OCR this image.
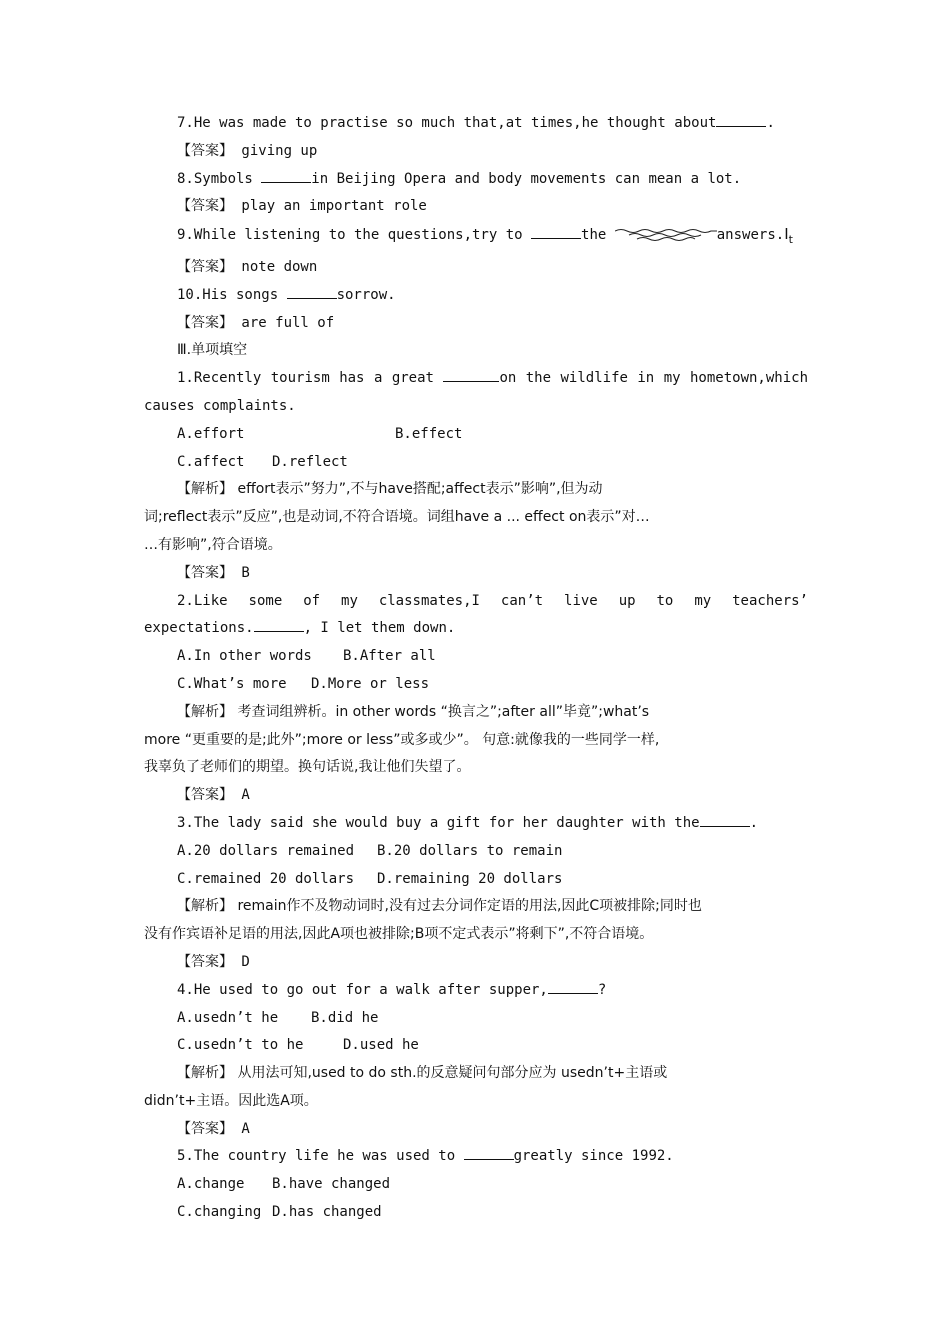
7.He was made to practise so much that,at times,he thought about	.
【答案】 giving up
8.Symbols	in Beijing Opera and body movements can mean a lot.
【答案】 play an important role
9.While listening to the questions,try to	the	$answers.I_t$
【答案】 note down
10.His songs	sorrow.
【答案】 are full of
Ⅲ.单项填空
1.Recently tourism has a great	on the wildlife in my hometown,which
causes complaints.
A.effort	B.effect
C.affect D.reflect
【解析】 effort表示”努力”,不与have搭配;affect表示”影响”,但为动
词;reflect表示”反应”,也是动词,不符合语境。词组have a ... effect on表示”对…
…有影响”,符合语境。
【答案】 B
2.Like some of my classmates,I can’t live up to my teachers’
expectations.	, I let them down.
A.In other words B.After all
C.What’s more D.More or less
【解析】 考查词组辨析。in other words “换言之”;after all”毕竟”;what’s
more “更重要的是;此外”;more or less”或多或少”。 句意:就像我的一些同学一样,
我辜负了老师们的期望。换句话说,我让他们失望了。
【答案】 A
3.The lady said she would buy a gift for her daughter with the	.
A.20 dollars remained B.20 dollars to remain
C.remained 20 dollars D.remaining 20 dollars
【解析】 remain作不及物动词时,没有过去分词作定语的用法,因此C项被排除;同时也
没有作宾语补足语的用法,因此A项也被排除;B项不定式表示”将剩下”,不符合语境。
【答案】 D
4.He used to go out for a walk after supper,	?
A.usedn’t he B.did he
C.usedn’t to he	D.used he
【解析】 从用法可知,used to do sth.的反意疑问句部分应为 usedn’t+主语或
didn’t+主语。因此选A项。
【答案】 A
5.The country life he was used to	greatly since 1992.
A.change B.have changed
C.changing D.has changed
